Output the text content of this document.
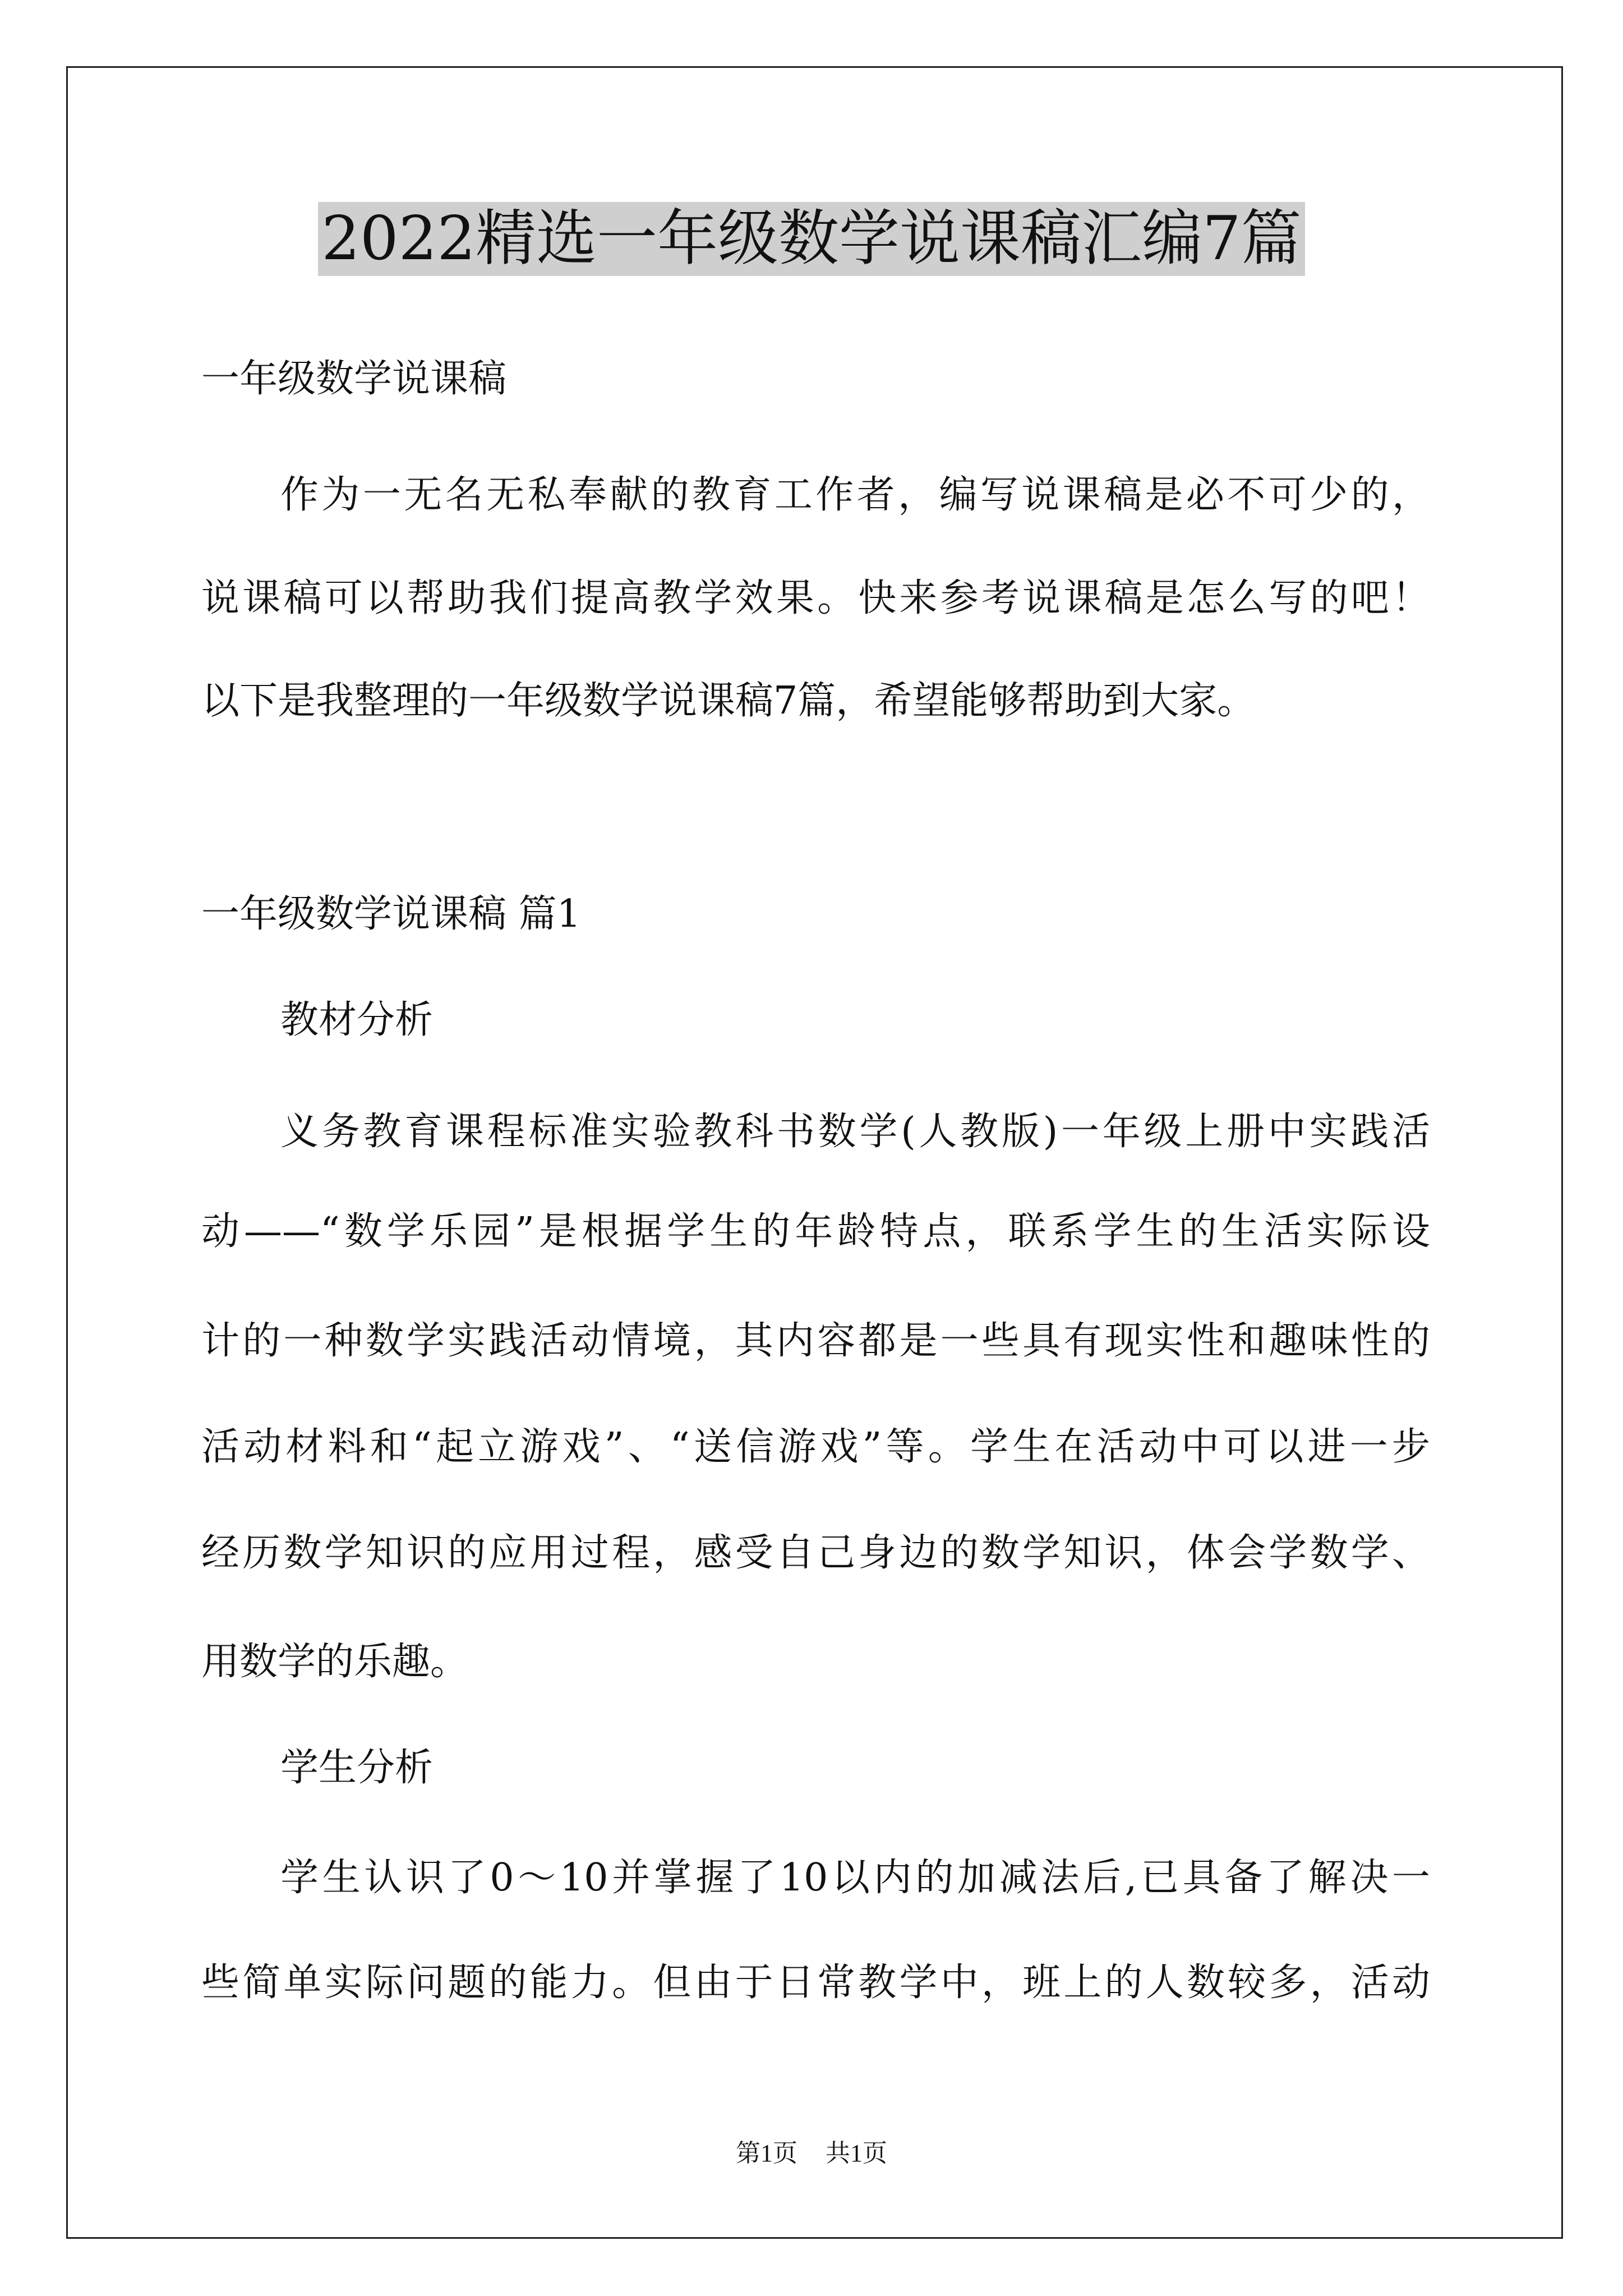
2022精选一年级数学说课稿汇编7篇
一年级数学说课稿
作为一无名无私奉献的教育工作者，编写说课稿是必不可少的，
说课稿可以帮助我们提高教学效果。快来参考说课稿是怎么写的吧！
以下是我整理的一年级数学说课稿7篇，希望能够帮助到大家。
一年级数学说课稿 篇1
教材分析
义务教育课程标准实验教科书数学(人教版)一年级上册中实践活
动——“数学乐园”是根据学生的年龄特点，联系学生的生活实际设
计的一种数学实践活动情境，其内容都是一些具有现实性和趣味性的
活动材料和“起立游戏”、“送信游戏”等。学生在活动中可以进一步
经历数学知识的应用过程，感受自己身边的数学知识，体会学数学、
用数学的乐趣。
学生分析
学生认识了0～10并掌握了10以内的加减法后,已具备了解决一
些简单实际问题的能力。但由于日常教学中，班上的人数较多，活动
第1页 共1页
